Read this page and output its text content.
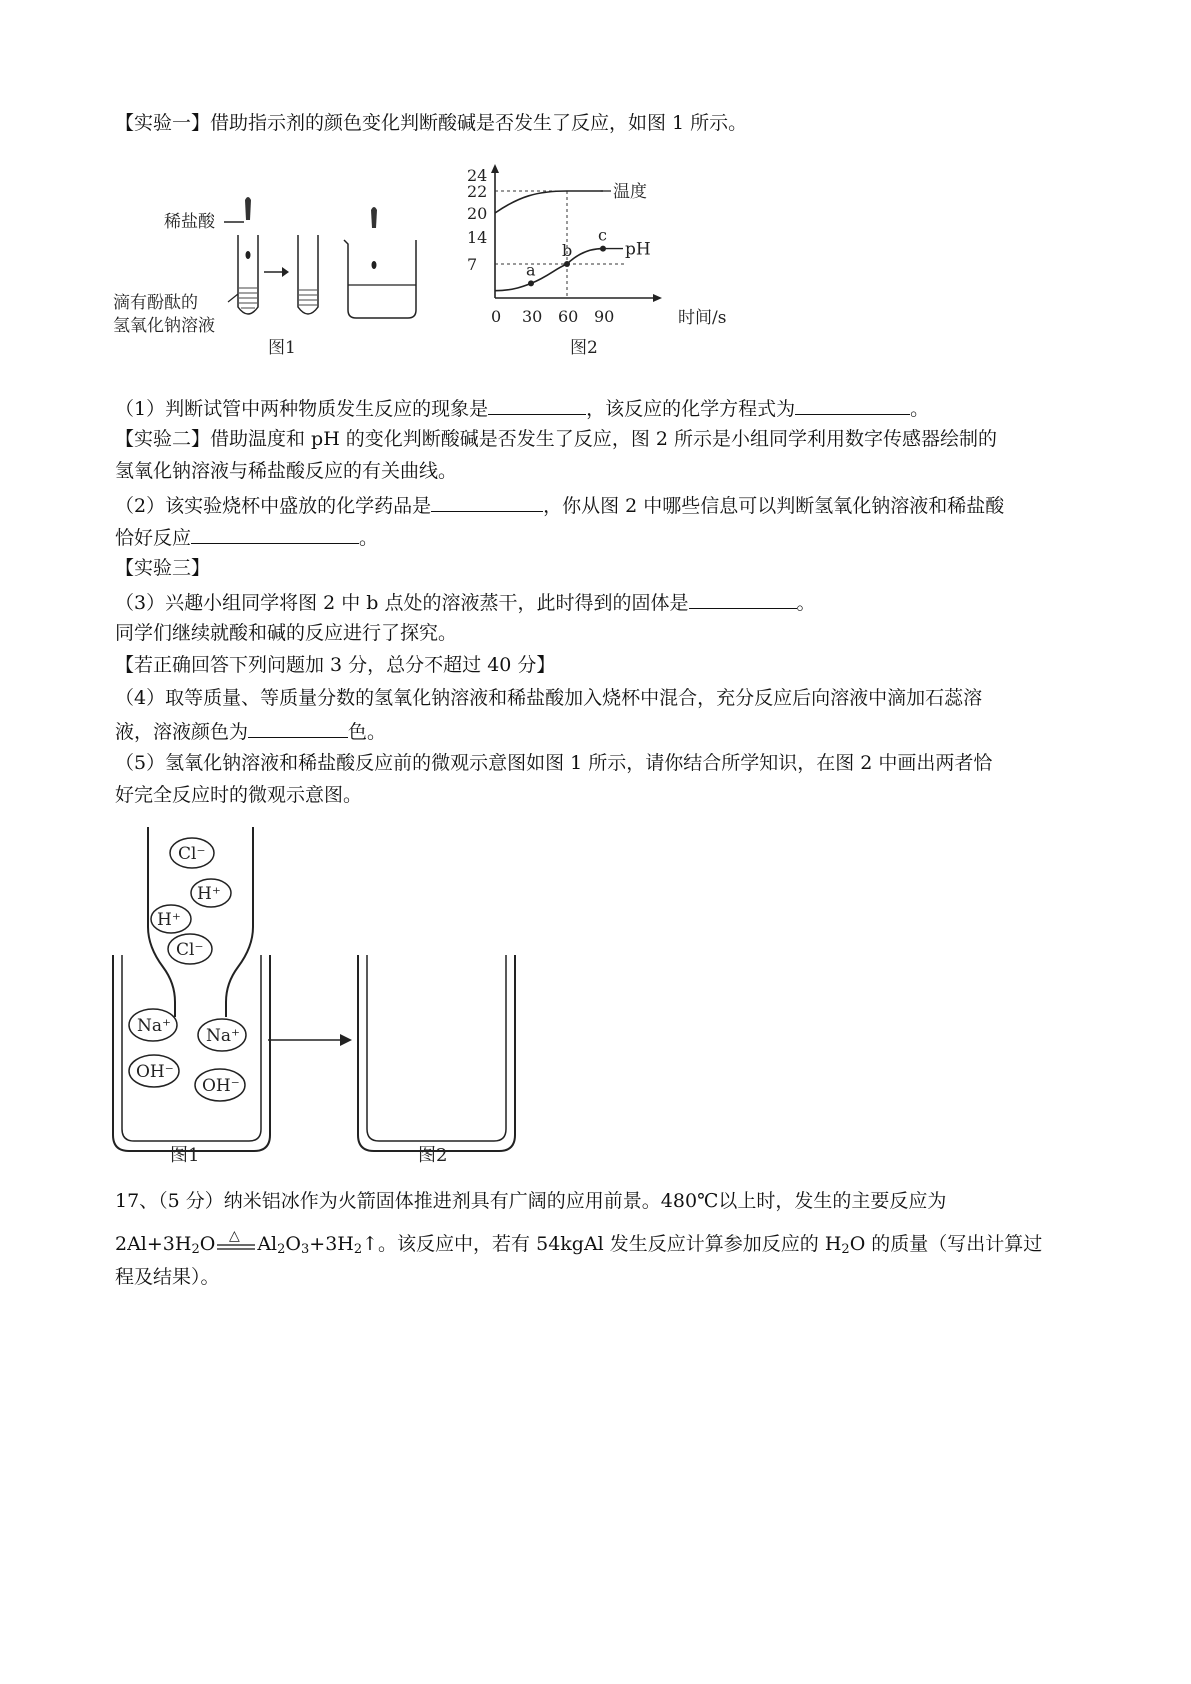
【实验一】借助指示剂的颜色变化判断酸碱是否发生了反应，如图 1 所示。
稀盐酸
滴有酚酞的
氢氧化钠溶液
图1
24
22
20
14
7
0 30 60 90
温度
pH
a
b
c
时间/s
图2
（1）判断试管中两种物质发生反应的现象是	，该反应的化学方程式为	。
【实验二】借助温度和 pH 的变化判断酸碱是否发生了反应，图 2 所示是小组同学利用数字传感器绘制的
氢氧化钠溶液与稀盐酸反应的有关曲线。
（2）该实验烧杯中盛放的化学药品是	，你从图 2 中哪些信息可以判断氢氧化钠溶液和稀盐酸
恰好反应	。
【实验三】
（3）兴趣小组同学将图 2 中 b 点处的溶液蒸干，此时得到的固体是	。
同学们继续就酸和碱的反应进行了探究。
【若正确回答下列问题加 3 分，总分不超过 40 分】
（4）取等质量、等质量分数的氢氧化钠溶液和稀盐酸加入烧杯中混合，充分反应后向溶液中滴加石蕊溶
液，溶液颜色为	色。
（5）氢氧化钠溶液和稀盐酸反应前的微观示意图如图 1 所示，请你结合所学知识，在图 2 中画出两者恰
好完全反应时的微观示意图。
Cl⁻
H⁺
H⁺
Cl⁻
Na⁺ Na⁺
OH⁻
OH⁻
图1	图2
17、（5 分）纳米铝冰作为火箭固体推进剂具有广阔的应用前景。480℃以上时，发生的主要反应为
$2Al+3H_2O$ △ $Al_2O_3+3H_2↑$。该反应中，若有 54kgAl 发生反应计算参加反应的 $H_2O$ 的质量（写出计算过
程及结果）。
